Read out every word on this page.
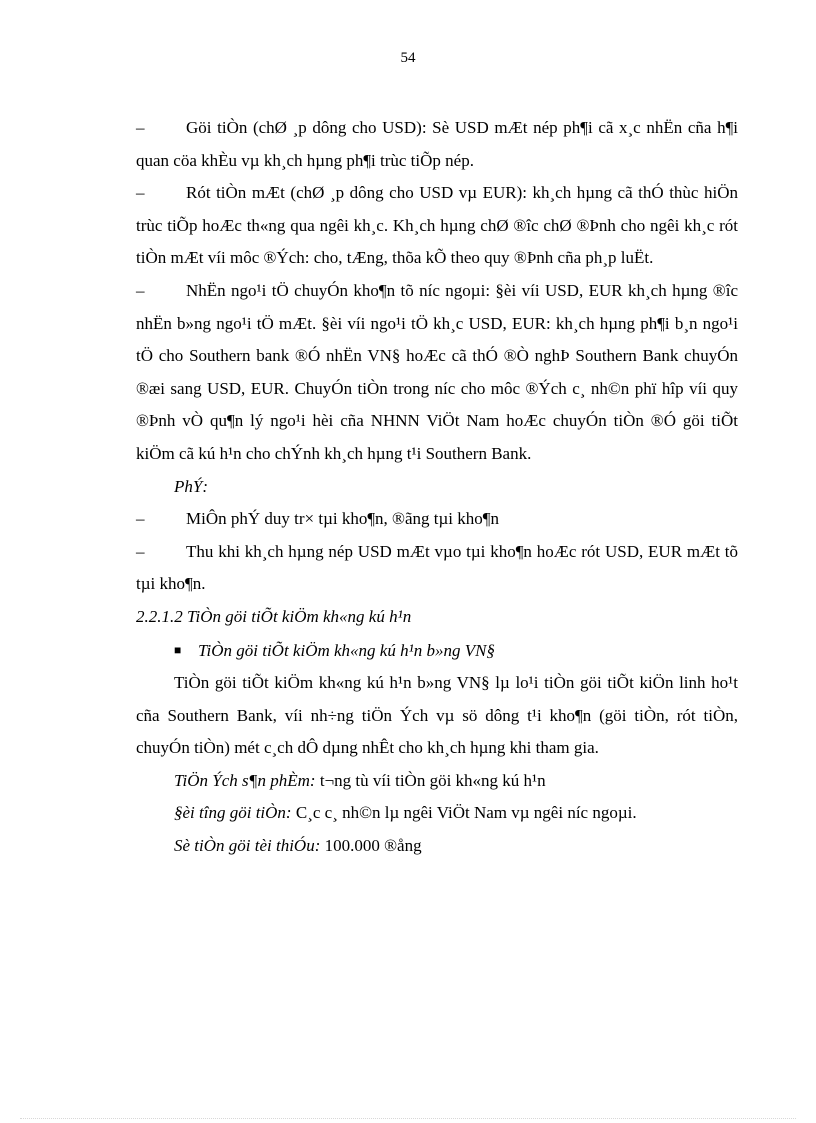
54

– Göi tiÒn (chØ ¸p dông cho USD): Sè USD mÆt nép ph¶i cã x¸c nhËn cña h¶i quan cöa khÈu vµ kh¸ch hµng ph¶i trùc tiÕp nép.

– Rót tiÒn mÆt (chØ ¸p dông cho USD vµ EUR): kh¸ch hµng cã thÓ thùc hiÖn trùc tiÕp hoÆc th«ng qua ngêi kh¸c. Kh¸ch hµng chØ ®îc chØ ®Þnh cho ngêi kh¸c rót tiÒn mÆt víi môc ®Ých: cho, tÆng, thõa kÕ theo quy ®Þnh cña ph¸p luËt.

– NhËn ngo¹i tÖ chuyÓn kho¶n tõ níc ngoµi: §èi víi USD, EUR kh¸ch hµng ®îc nhËn b»ng ngo¹i tÖ mÆt. §èi víi ngo¹i tÖ kh¸c USD, EUR: kh¸ch hµng ph¶i b¸n ngo¹i tÖ cho Southern bank ®Ó nhËn VN§ hoÆc cã thÓ ®Ò nghÞ Southern Bank chuyÓn ®æi sang USD, EUR. ChuyÓn tiÒn trong níc cho môc ®Ých c¸ nh©n phï hîp víi quy ®Þnh vÒ qu¶n lý ngo¹i hèi cña NHNN ViÖt Nam hoÆc chuyÓn tiÒn ®Ó göi tiÕt kiÖm cã kú h¹n cho chÝnh kh¸ch hµng t¹i Southern Bank.

PhÝ:

– MiÔn phÝ duy tr× tµi kho¶n, ®ãng tµi kho¶n

– Thu khi kh¸ch hµng nép USD mÆt vµo tµi kho¶n hoÆc rót USD, EUR mÆt tõ tµi kho¶n.

2.2.1.2 TiÒn göi tiÕt kiÖm kh«ng kú h¹n

■ TiÒn göi tiÕt kiÖm kh«ng kú h¹n b»ng VN§

TiÒn göi tiÕt kiÖm kh«ng kú h¹n b»ng VN§ lµ lo¹i tiÒn göi tiÕt kiÖn linh ho¹t cña Southern Bank, víi nh÷ng tiÖn Ých vµ sö dông t¹i kho¶n (göi tiÒn, rót tiÒn, chuyÓn tiÒn) mét c¸ch dÔ dµng nhÊt cho kh¸ch hµng khi tham gia.

TiÖn Ých s¶n phÈm: t¬ng tù víi tiÒn göi kh«ng kú h¹n

§èi tîng göi tiÒn: C¸c c¸ nh©n lµ ngêi ViÖt Nam vµ ngêi níc ngoµi.

Sè tiÒn göi tèi thiÓu: 100.000 ®ång
